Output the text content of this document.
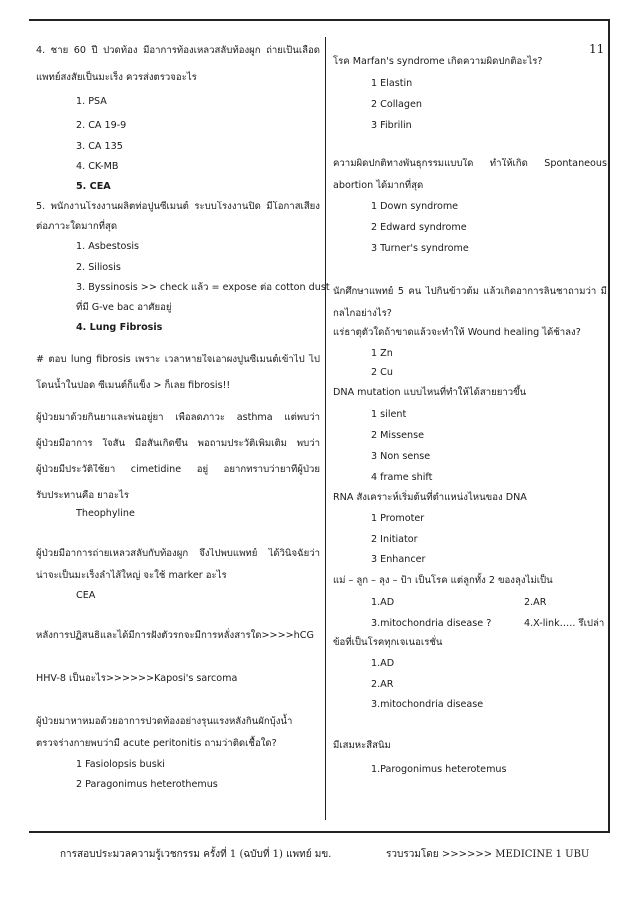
11
4. ชาย 60 ปี ปวดท้อง มีอาการท้องเหลวสลับท้องผูก ถ่ายเป็นเลือด
แพทย์สงสัยเป็นมะเร็ง ควรส่งตรวจอะไร
1. PSA
2. CA 19-9
3. CA 135
4. CK-MB
5. CEA
5. พนักงานโรงงานผลิตท่อปูนซีเมนต์ ระบบโรงงานปิด มีโอกาสเสี่ยง
ต่อภาวะใดมากที่สุด
1. Asbestosis
2. Siliosis
3. Byssinosis >> check แล้ว = expose ต่อ cotton dust
ที่มี G-ve bac อาศัยอยู่
4. Lung Fibrosis
# ตอบ lung fibrosis เพราะ เวลาหายใจเอาผงปูนซีเมนต์เข้าไป ไป
โดนน้ำในปอด ซีเมนต์ก็แข็ง > ก็เลย fibrosis!!
ผู้ป่วยมาด้วยกินยาและพ่นอยู่ยา เพื่อลดภาวะ asthma แต่พบว่า
ผู้ป่วยมีอาการ ใจสั่น มือสั่นเกิดขึ้น พอถามประวัติเพิ่มเติม พบว่า
ผู้ป่วยมีประวัติใช้ยา cimetidine อยู่ อยากทราบว่ายาที่ผู้ป่วย
รับประทานคือ ยาอะไร
Theophyline
ผู้ป่วยมีอาการถ่ายเหลวสลับกับท้องผูก จึงไปพบแพทย์ ได้วินิจฉัยว่า
น่าจะเป็นมะเร็งลำไส้ใหญ่ จะใช้ marker อะไร
CEA
หลังการปฏิสนธิและได้มีการฝังตัวรกจะมีการหลั่งสารใด>>>>hCG
HHV-8 เป็นอะไร>>>>>>Kaposi's sarcoma
ผู้ป่วยมาหาหมอด้วยอาการปวดท้องอย่างรุนแรงหลังกินผักบุ้งน้ำ
ตรวจร่างกายพบว่ามี acute peritonitis ถามว่าติดเชื้อใด?
1 Fasiolopsis buski
2 Paragonimus heterothemus
โรค Marfan's syndrome เกิดความผิดปกติอะไร?
1 Elastin
2 Collagen
3 Fibrilin
ความผิดปกติทางพันธุกรรมแบบใด ทำให้เกิด Spontaneous
abortion ได้มากที่สุด
1 Down syndrome
2 Edward syndrome
3 Turner's syndrome
นักศึกษาแพทย์ 5 คน ไปกินข้าวต้ม แล้วเกิดอาการลิ้นชาถามว่า มี
กลไกอย่างไร?
แร่ธาตุตัวใดถ้าขาดแล้วจะทำให้ Wound healing ได้ช้าลง?
1 Zn
2 Cu
DNA mutation แบบไหนที่ทำให้ได้สายยาวขึ้น
1 silent
2 Missense
3 Non sense
4 frame shift
RNA สังเคราะห์เริ่มต้นที่ตำแหน่งไหนของ DNA
1 Promoter
2 Initiator
3 Enhancer
แม่ – ลูก – ลุง – ป้า เป็นโรค แต่ลูกทั้ง 2 ของลุงไม่เป็น
1.AD	2.AR
3.mitochondria disease ?	4.X-link….. รึเปล่า
ข้อที่เป็นโรคทุกเจเนอเรชั่น
1.AD
2.AR
3.mitochondria disease
มีเสมหะสีสนิม
1.Parogonimus heterotemus
การสอบประมวลความรู้เวชกรรม ครั้งที่ 1 (ฉบับที่ 1) แพทย์ มข.	รวบรวมโดย >>>>>> MEDICINE 1 UBU
